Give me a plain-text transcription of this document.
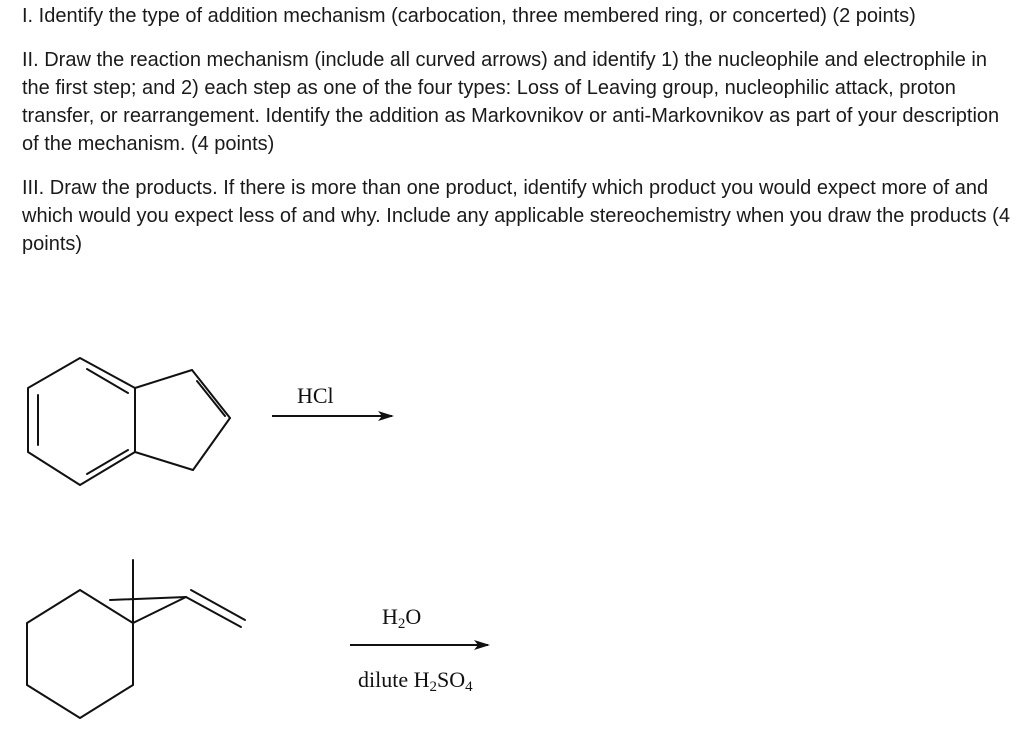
I. Identify the type of addition mechanism (carbocation, three membered ring, or concerted) (2 points)

II. Draw the reaction mechanism (include all curved arrows) and identify 1) the nucleophile and electrophile in the first step; and 2) each step as one of the four types: Loss of Leaving group, nucleophilic attack, proton transfer, or rearrangement. Identify the addition as Markovnikov or anti-Markovnikov as part of your description of the mechanism. (4 points)

III. Draw the products. If there is more than one product, identify which product you would expect more of and which would you expect less of and why. Include any applicable stereochemistry when you draw the products (4 points)

HCl
$H_2O$
dilute $H_2SO_4$
